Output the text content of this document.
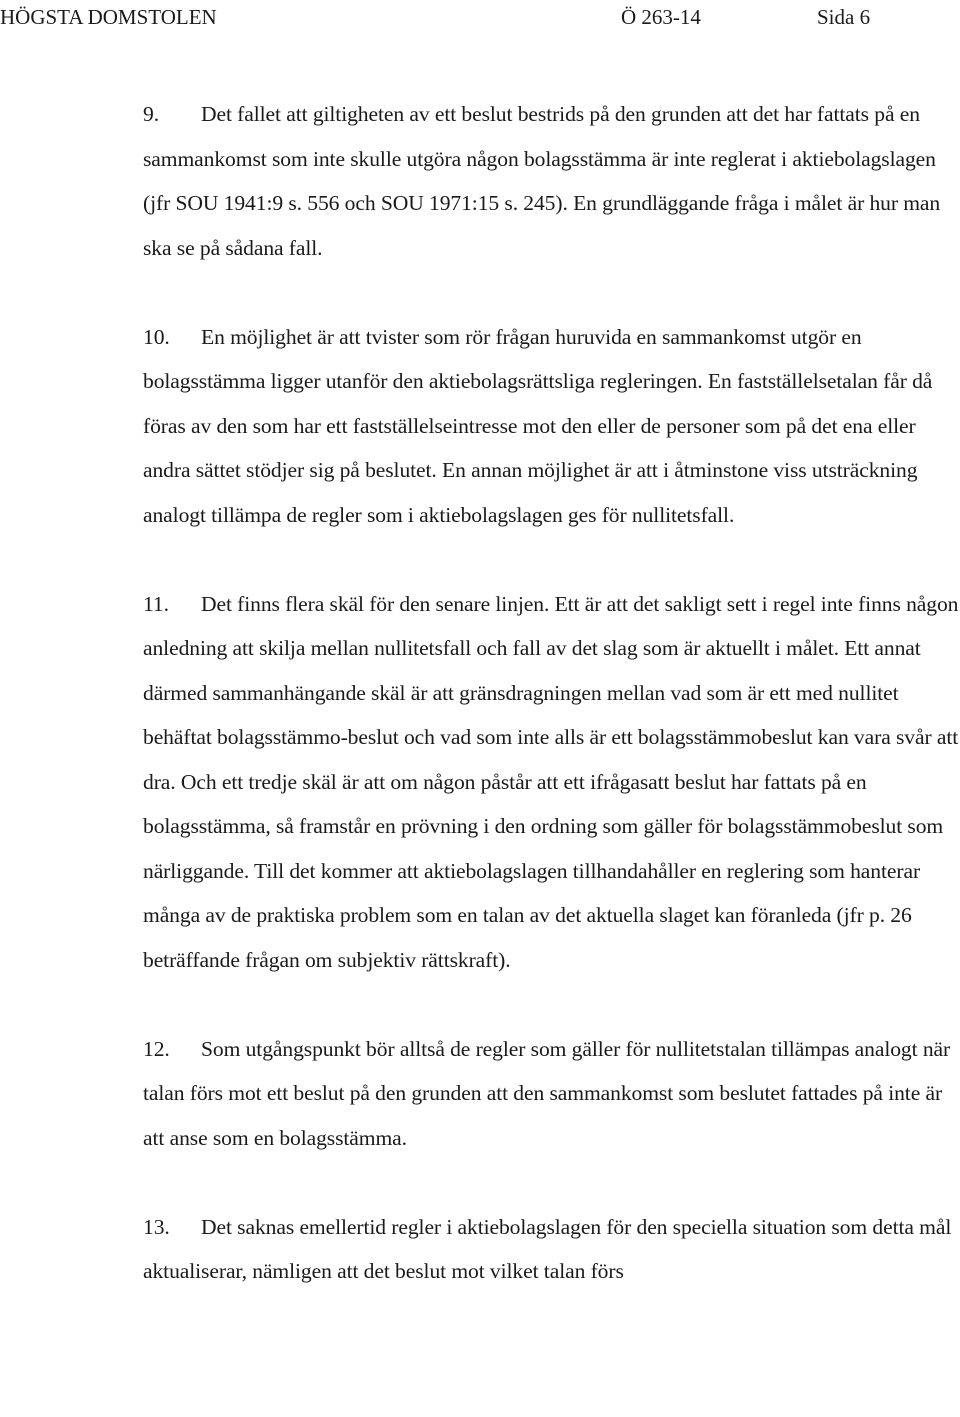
HÖGSTA DOMSTOLEN	Ö 263-14	Sida 6

9. Det fallet att giltigheten av ett beslut bestrids på den grunden att det har fattats på en sammankomst som inte skulle utgöra någon bolagsstämma är inte reglerat i aktiebolagslagen (jfr SOU 1941:9 s. 556 och SOU 1971:15 s. 245). En grundläggande fråga i målet är hur man ska se på sådana fall.

10. En möjlighet är att tvister som rör frågan huruvida en sammankomst utgör en bolagsstämma ligger utanför den aktiebolagsrättsliga regleringen. En fastställelsetalan får då föras av den som har ett fastställelseintresse mot den eller de personer som på det ena eller andra sättet stödjer sig på beslutet. En annan möjlighet är att i åtminstone viss utsträckning analogt tillämpa de regler som i aktiebolagslagen ges för nullitetsfall.

11. Det finns flera skäl för den senare linjen. Ett är att det sakligt sett i regel inte finns någon anledning att skilja mellan nullitetsfall och fall av det slag som är aktuellt i målet. Ett annat därmed sammanhängande skäl är att gränsdragningen mellan vad som är ett med nullitet behäftat bolagsstämmo-beslut och vad som inte alls är ett bolagsstämmobeslut kan vara svår att dra. Och ett tredje skäl är att om någon påstår att ett ifrågasatt beslut har fattats på en bolagsstämma, så framstår en prövning i den ordning som gäller för bolagsstämmobeslut som närliggande. Till det kommer att aktiebolagslagen tillhandahåller en reglering som hanterar många av de praktiska problem som en talan av det aktuella slaget kan föranleda (jfr p. 26 beträffande frågan om subjektiv rättskraft).

12. Som utgångspunkt bör alltså de regler som gäller för nullitetstalan tillämpas analogt när talan förs mot ett beslut på den grunden att den sammankomst som beslutet fattades på inte är att anse som en bolagsstämma.

13. Det saknas emellertid regler i aktiebolagslagen för den speciella situation som detta mål aktualiserar, nämligen att det beslut mot vilket talan förs
